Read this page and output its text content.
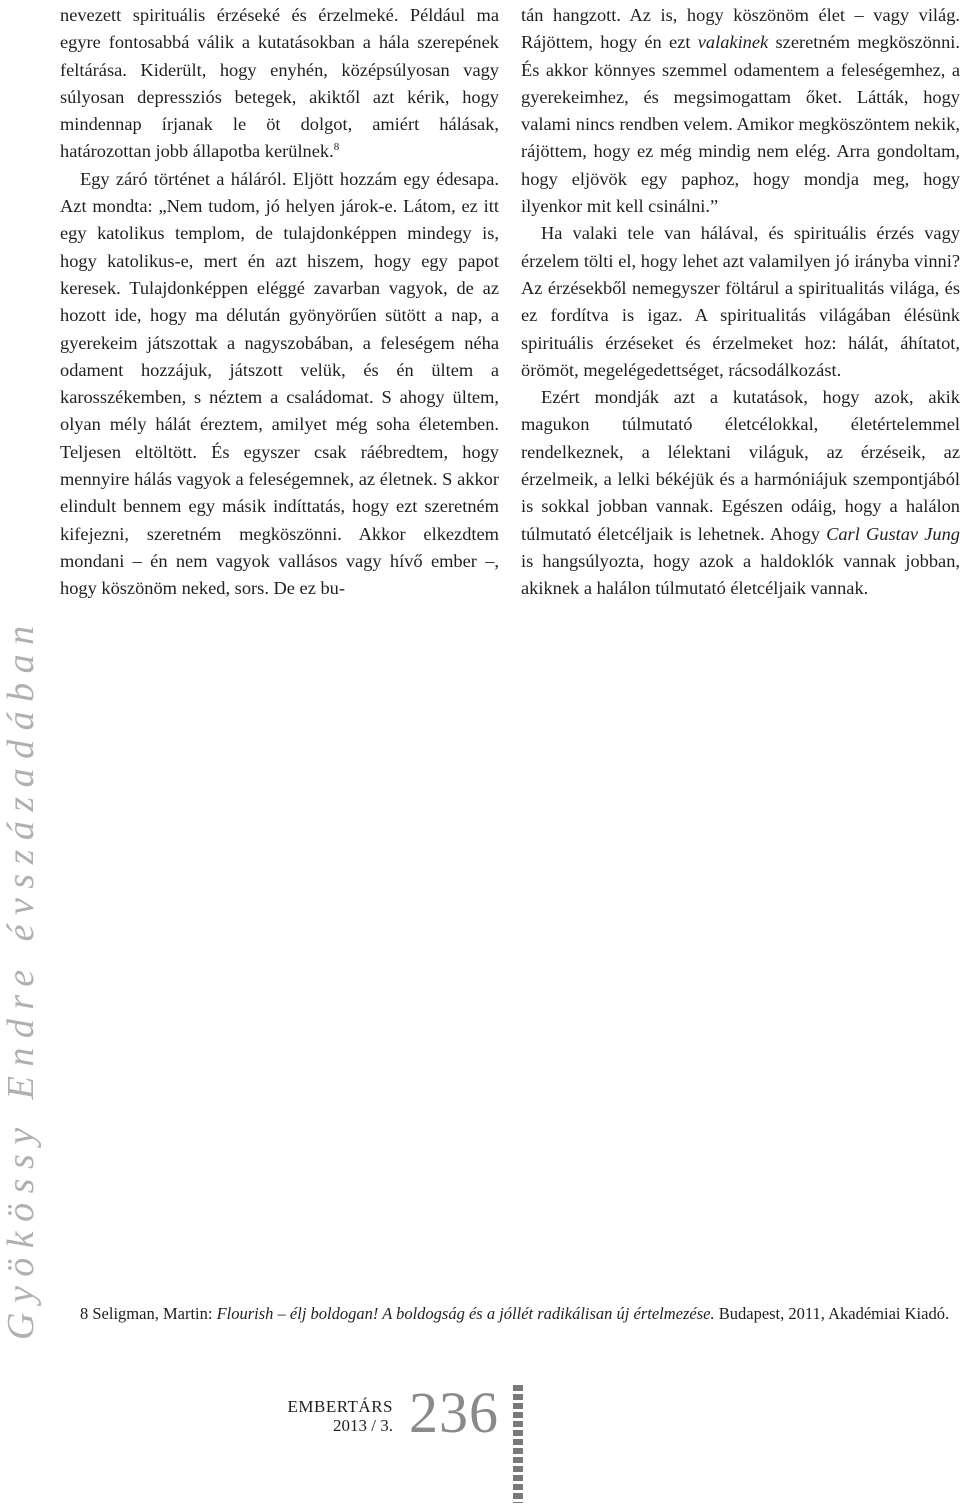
Gyökössy Endre évszázadában

nevezett spirituális érzéseké és érzelmeké. Például ma egyre fontosabbá válik a kutatásokban a hála szerepének feltárása. Kiderült, hogy enyhén, középsúlyosan vagy súlyosan depressziós betegek, akiktől azt kérik, hogy mindennap írjanak le öt dolgot, amiért hálásak, határozottan jobb állapotba kerülnek.$^8$

Egy záró történet a háláról. Eljött hozzám egy édesapa. Azt mondta: „Nem tudom, jó helyen járok-e. Látom, ez itt egy katolikus templom, de tulajdonképpen mindegy is, hogy katolikus-e, mert én azt hiszem, hogy egy papot keresek. Tulajdonképpen eléggé zavarban vagyok, de az hozott ide, hogy ma délután gyönyörűen sütött a nap, a gyerekeim játszottak a nagyszobában, a feleségem néha odament hozzájuk, játszott velük, és én ültem a karosszékemben, s néztem a családomat. S ahogy ültem, olyan mély hálát éreztem, amilyet még soha életemben. Teljesen eltöltött. És egyszer csak ráébredtem, hogy mennyire hálás vagyok a feleségemnek, az életnek. S akkor elindult bennem egy másik indíttatás, hogy ezt szeretném kifejezni, szeretném megköszönni. Akkor elkezdtem mondani – én nem vagyok vallásos vagy hívő ember –, hogy köszönöm neked, sors. De ez bu-

tán hangzott. Az is, hogy köszönöm élet – vagy világ. Rájöttem, hogy én ezt valakinek szeretném megköszönni. És akkor könnyes szemmel odamentem a feleségemhez, a gyerekeimhez, és megsimogattam őket. Látták, hogy valami nincs rendben velem. Amikor megköszöntem nekik, rájöttem, hogy ez még mindig nem elég. Arra gondoltam, hogy eljövök egy paphoz, hogy mondja meg, hogy ilyenkor mit kell csinálni.”

Ha valaki tele van hálával, és spirituális érzés vagy érzelem tölti el, hogy lehet azt valamilyen jó irányba vinni? Az érzésekből nemegyszer föltárul a spiritualitás világa, és ez fordítva is igaz. A spiritualitás világában élésünk spirituális érzéseket és érzelmeket hoz: hálát, áhítatot, örömöt, megelégedettséget, rácsodálkozást.

Ezért mondják azt a kutatások, hogy azok, akik magukon túlmutató életcélokkal, életértelemmel rendelkeznek, a lélektani világuk, az érzéseik, az érzelmeik, a lelki békéjük és a harmóniájuk szempontjából is sokkal jobban vannak. Egészen odáig, hogy a halálon túlmutató életcéljaik is lehetnek. Ahogy Carl Gustav Jung is hangsúlyozta, hogy azok a haldoklók vannak jobban, akiknek a halálon túlmutató életcéljaik vannak.

8 Seligman, Martin: Flourish – élj boldogan! A boldogság és a jóllét radikálisan új értelmezése. Budapest, 2011, Akadémiai Kiadó.
EMBERTÁRS
2013 / 3. 236
